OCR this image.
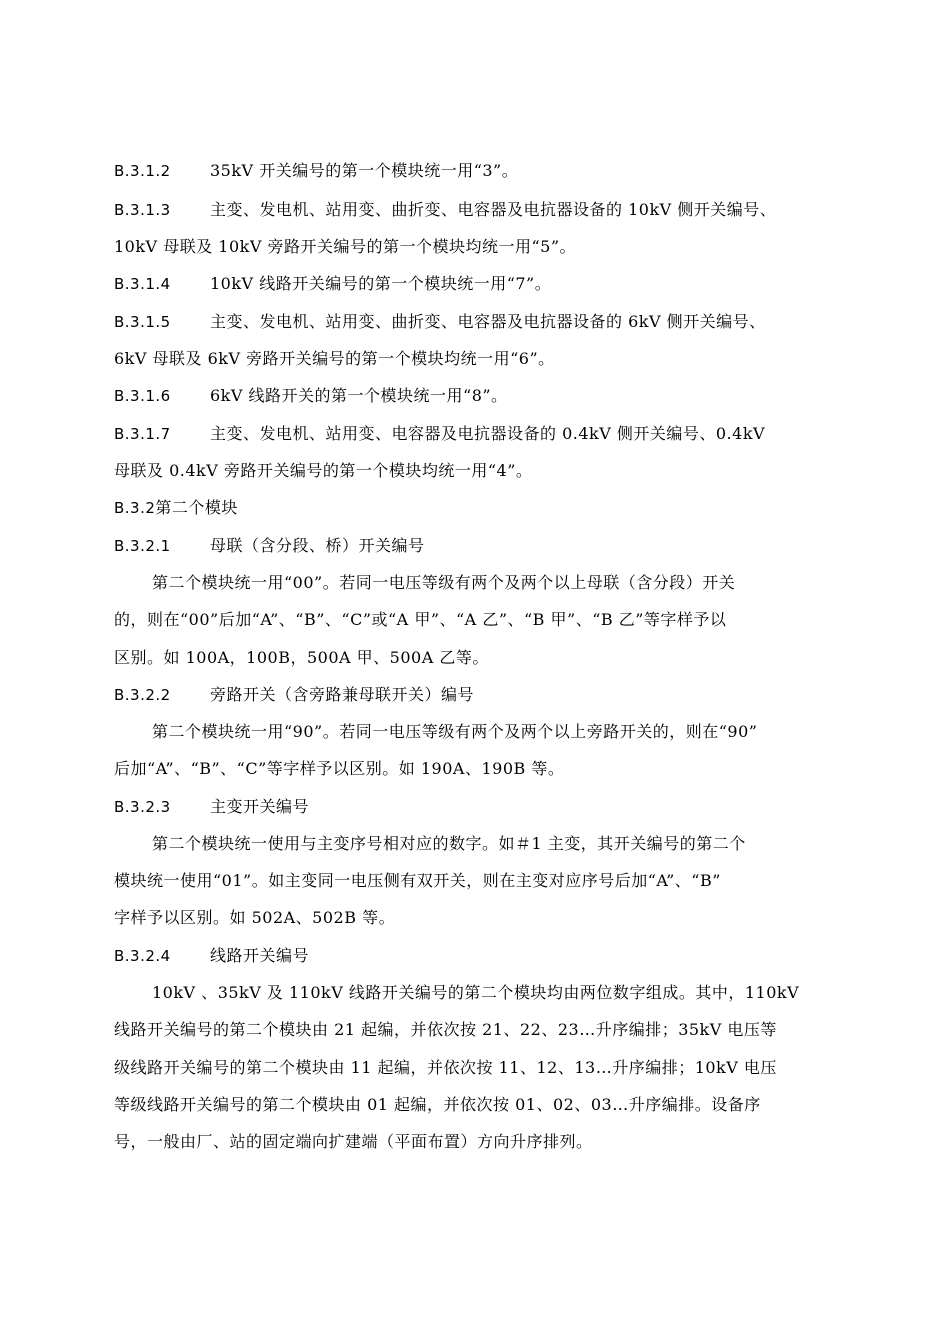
B.3.1.2 35kV 开关编号的第一个模块统一用“3”。
B.3.1.3 主变、发电机、站用变、曲折变、电容器及电抗器设备的 10kV 侧开关编号、
10kV 母联及 10kV 旁路开关编号的第一个模块均统一用“5”。
B.3.1.4 10kV 线路开关编号的第一个模块统一用“7”。
B.3.1.5 主变、发电机、站用变、曲折变、电容器及电抗器设备的 6kV 侧开关编号、
6kV 母联及 6kV 旁路开关编号的第一个模块均统一用“6”。
B.3.1.6 6kV 线路开关的第一个模块统一用“8”。
B.3.1.7 主变、发电机、站用变、电容器及电抗器设备的 0.4kV 侧开关编号、0.4kV
母联及 0.4kV 旁路开关编号的第一个模块均统一用“4”。
B.3.2第二个模块
B.3.2.1 母联（含分段、桥）开关编号
第二个模块统一用“00”。若同一电压等级有两个及两个以上母联（含分段）开关
的，则在“00”后加“A”、“B”、“C”或“A 甲”、“A 乙”、“B 甲”、“B 乙”等字样予以
区别。如 100A，100B，500A 甲、500A 乙等。
B.3.2.2 旁路开关（含旁路兼母联开关）编号
第二个模块统一用“90”。若同一电压等级有两个及两个以上旁路开关的，则在“90”
后加“A”、“B”、“C”等字样予以区别。如 190A、190B 等。
B.3.2.3 主变开关编号
第二个模块统一使用与主变序号相对应的数字。如＃1 主变，其开关编号的第二个
模块统一使用“01”。如主变同一电压侧有双开关，则在主变对应序号后加“A”、“B”
字样予以区别。如 502A、502B 等。
B.3.2.4 线路开关编号
10kV 、35kV 及 110kV 线路开关编号的第二个模块均由两位数字组成。其中，110kV
线路开关编号的第二个模块由 21 起编，并依次按 21、22、23…升序编排；35kV 电压等
级线路开关编号的第二个模块由 11 起编，并依次按 11、12、13…升序编排；10kV 电压
等级线路开关编号的第二个模块由 01 起编，并依次按 01、02、03…升序编排。设备序
号，一般由厂、站的固定端向扩建端（平面布置）方向升序排列。
